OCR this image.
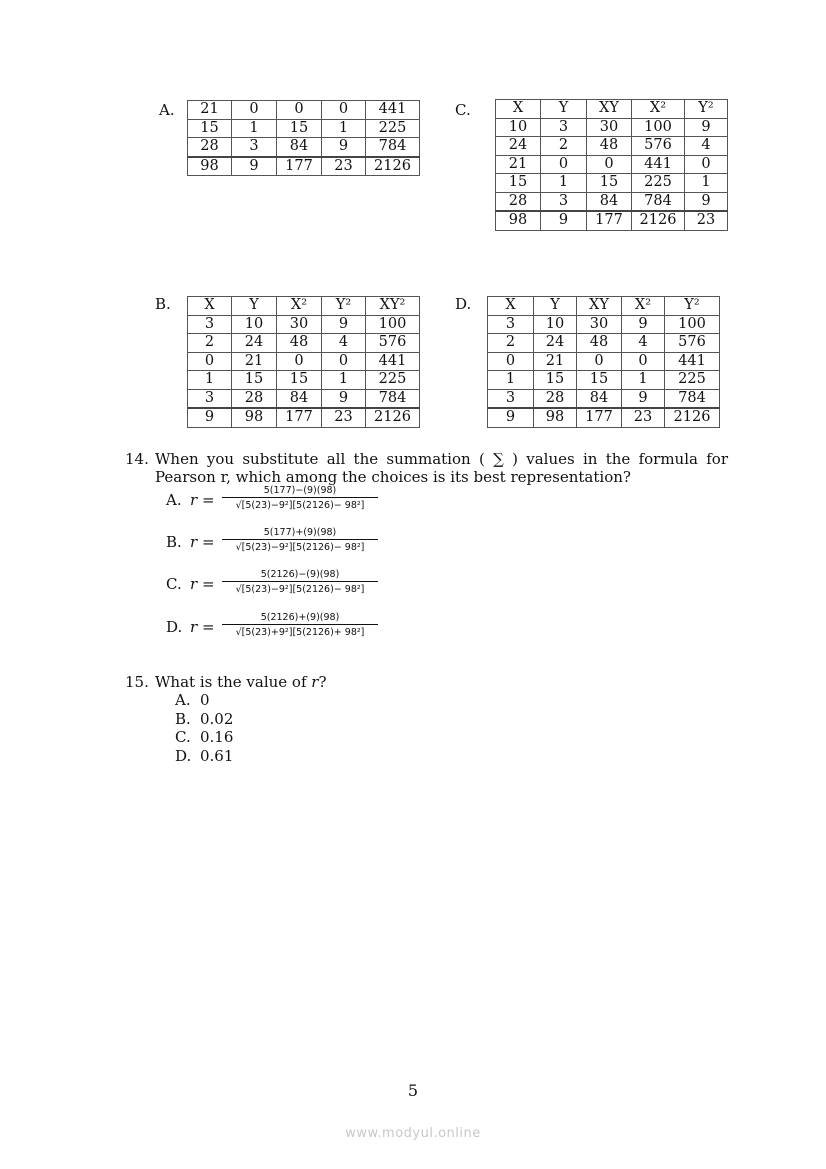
A. 21	0	0	0	441
15	1	15	1	225
28	3	84	9	784
98	9	177	23	2126
C.	X	Y	XY	X²	Y²
10	3	30	100	9
24	2	48	576	4
21	0	0	441	0
15	1	15	225	1
28	3	84	784	9
98	9	177	2126	23
B. X	Y	X²	Y²	XY²
3	10	30	9	100
2	24	48	4	576
0	21	0	0	441
1	15	15	1	225
3	28	84	9	784
9	98	177	23	2126
D. X	Y	XY	X²	Y²
3	10	30	9	100
2	24	48	4	576
0	21	0	0	441
1	15	15	1	225
3	28	84	9	784
9	98	177	23	2126
14. When you substitute all the summation ( ∑ ) values in the formula for
Pearson r, which among the choices is its best representation?
A. $r = \frac{5(177)-(9)(98)}{\text{√[5(23)−9²][5(2126)− 98²]}}$
B. $r = \frac{5(177)+(9)(98)}{\text{√[5(23)−9²][5(2126)− 98²]}}$
C. $r = \frac{5(2126)-(9)(98)}{\text{√[5(23)−9²][5(2126)− 98²]}}$
D. $r = \frac{5(2126)+(9)(98)}{\text{√[5(23)+9²][5(2126)+ 98²]}}$
15. What is the value of r?
A. 0
B. 0.02
C. 0.16
D. 0.61
5
www.modyul.online
